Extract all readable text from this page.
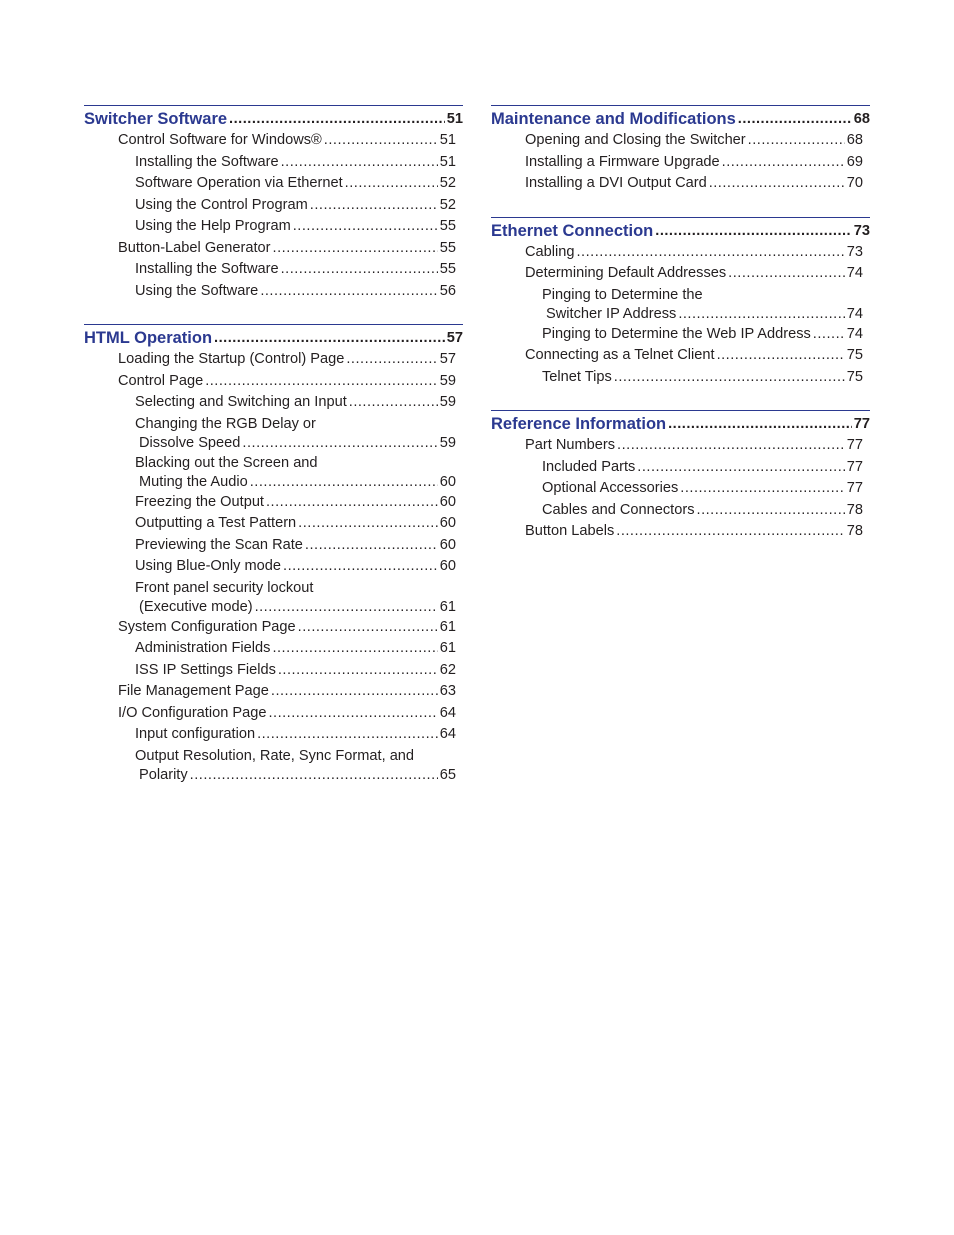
Switcher Software .....	51
Control Software for Windows® .....	51
Installing the Software .....	51
Software Operation via Ethernet .....	52
Using the Control Program .....	52
Using the Help Program .....	55
Button-Label Generator .....	55
Installing the Software .....	55
Using the Software .....	56
HTML Operation .....	57
Loading the Startup (Control) Page .....	57
Control Page .....	59
Selecting and Switching an Input .....	59
Changing the RGB Delay or
Dissolve Speed .....	59
Blacking out the Screen and
Muting the Audio .....	60
Freezing the Output .....	60
Outputting a Test Pattern .....	60
Previewing the Scan Rate .....	60
Using Blue-Only mode .....	60
Front panel security lockout
(Executive mode) .....	61
System Configuration Page .....	61
Administration Fields .....	61
ISS IP Settings Fields .....	62
File Management Page .....	63
I/O Configuration Page .....	64
Input configuration .....	64
Output Resolution, Rate, Sync Format, and
Polarity .....	65
Maintenance and Modifications .....	68
Opening and Closing the Switcher .....	68
Installing a Firmware Upgrade .....	69
Installing a DVI Output Card .....	70
Ethernet Connection .....	73
Cabling .....	73
Determining Default Addresses .....	74
Pinging to Determine the
Switcher IP Address .....	74
Pinging to Determine the Web IP Address ..... 74
Connecting as a Telnet Client .....	75
Telnet Tips .....	75
Reference Information .....	77
Part Numbers .....	77
Included Parts .....	77
Optional Accessories .....	77
Cables and Connectors .....	78
Button Labels .....	78
